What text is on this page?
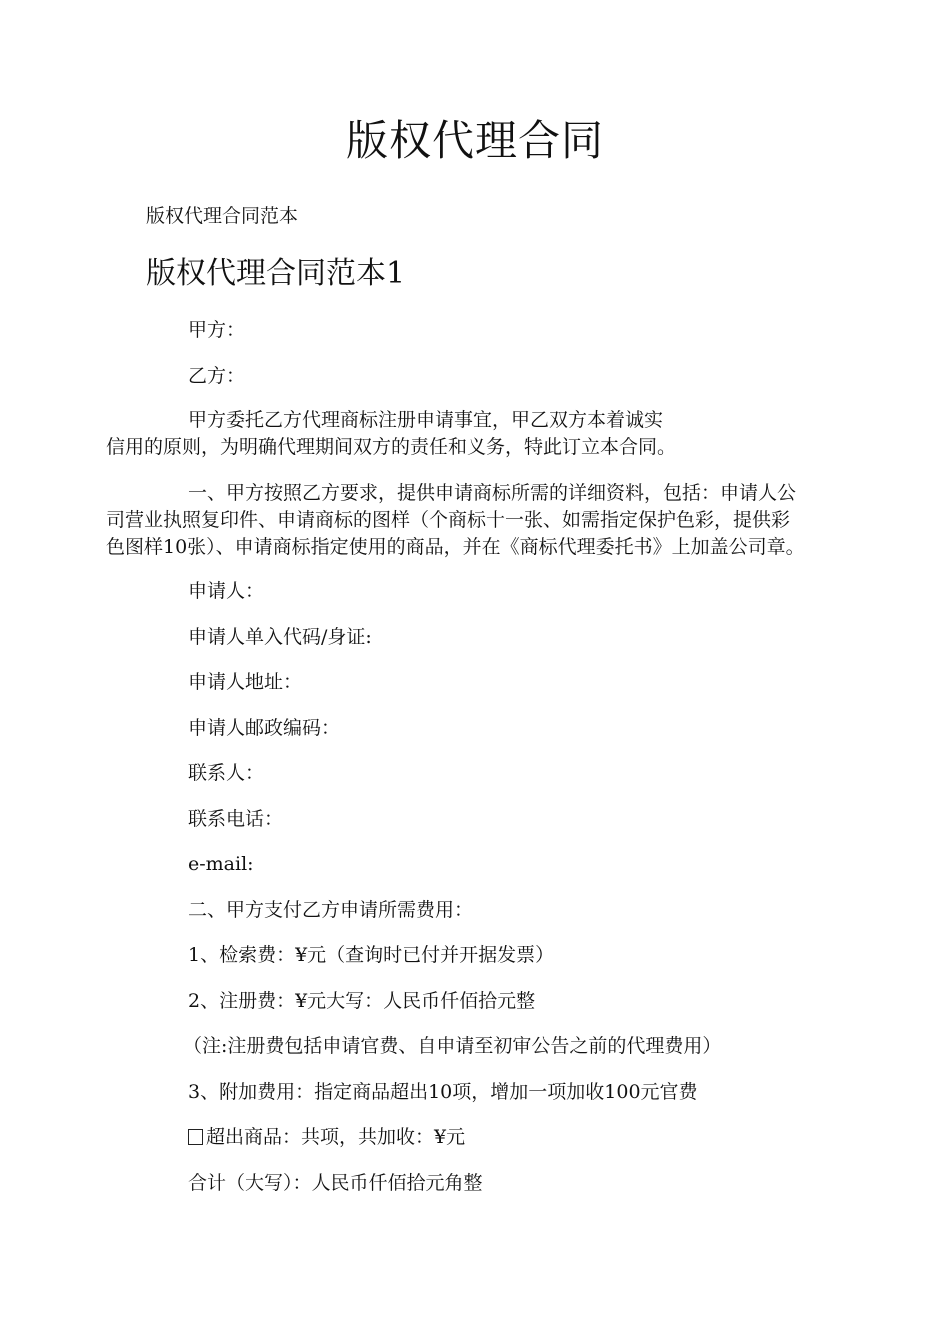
版权代理合同
版权代理合同范本
版权代理合同范本1
甲方：
乙方：
甲方委托乙方代理商标注册申请事宜，甲乙双方本着诚实
信用的原则，为明确代理期间双方的责任和义务，特此订立本合同。
一、甲方按照乙方要求，提供申请商标所需的详细资料，包括：申请人公
司营业执照复印件、申请商标的图样（个商标十一张、如需指定保护色彩，提供彩
色图样10张）、申请商标指定使用的商品，并在《商标代理委托书》上加盖公司章。
申请人：
申请人单入代码/身证:
申请人地址：
申请人邮政编码：
联系人：
联系电话：
e-mail:
二、甲方支付乙方申请所需费用：
1、检索费：¥元（查询时已付并开据发票）
2、注册费：¥元大写：人民币仟佰拾元整
（注:注册费包括申请官费、自申请至初审公告之前的代理费用）
3、附加费用：指定商品超出10项，增加一项加收100元官费
超出商品：共项，共加收：¥元
合计（大写）：人民币仟佰拾元角整
